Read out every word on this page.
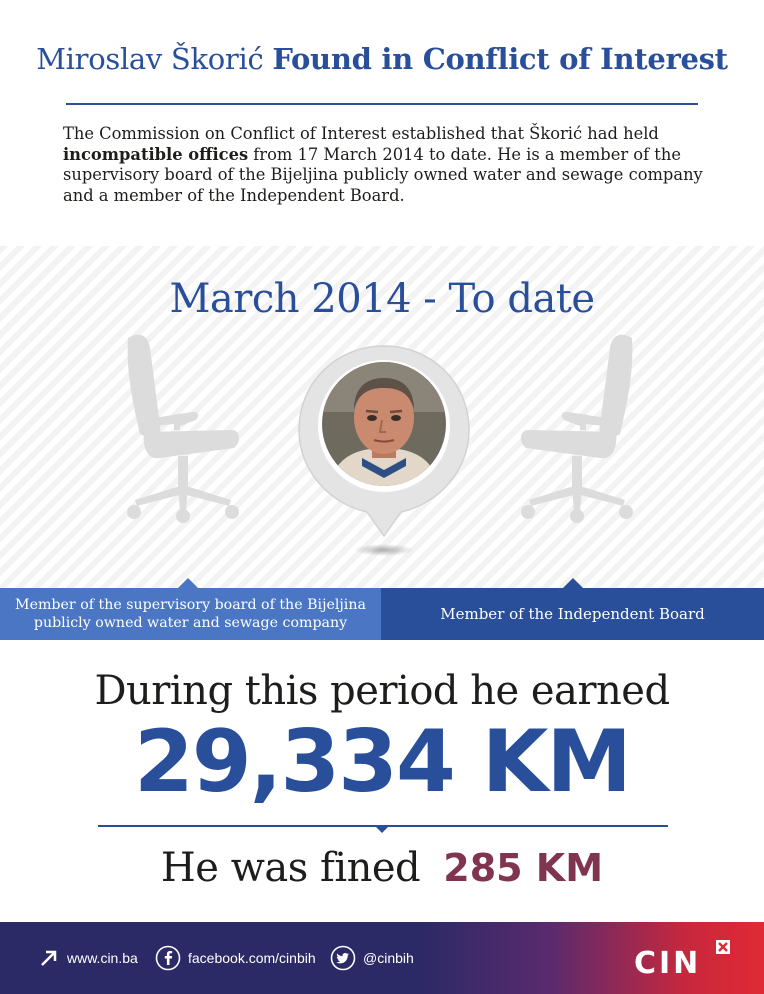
Miroslav Škorić Found in Conflict of Interest
The Commission on Conflict of Interest established that Škorić had held incompatible offices from 17 March 2014 to date. He is a member of the supervisory board of the Bijeljina publicly owned water and sewage company and a member of the Independent Board.
March 2014 - To date
Member of the supervisory board of the Bijeljina publicly owned water and sewage company	Member of the Independent Board
During this period he earned
29,334 KM
He was fined 285 KM
www.cin.ba	facebook.com/cinbih	@cinbih	CIN
